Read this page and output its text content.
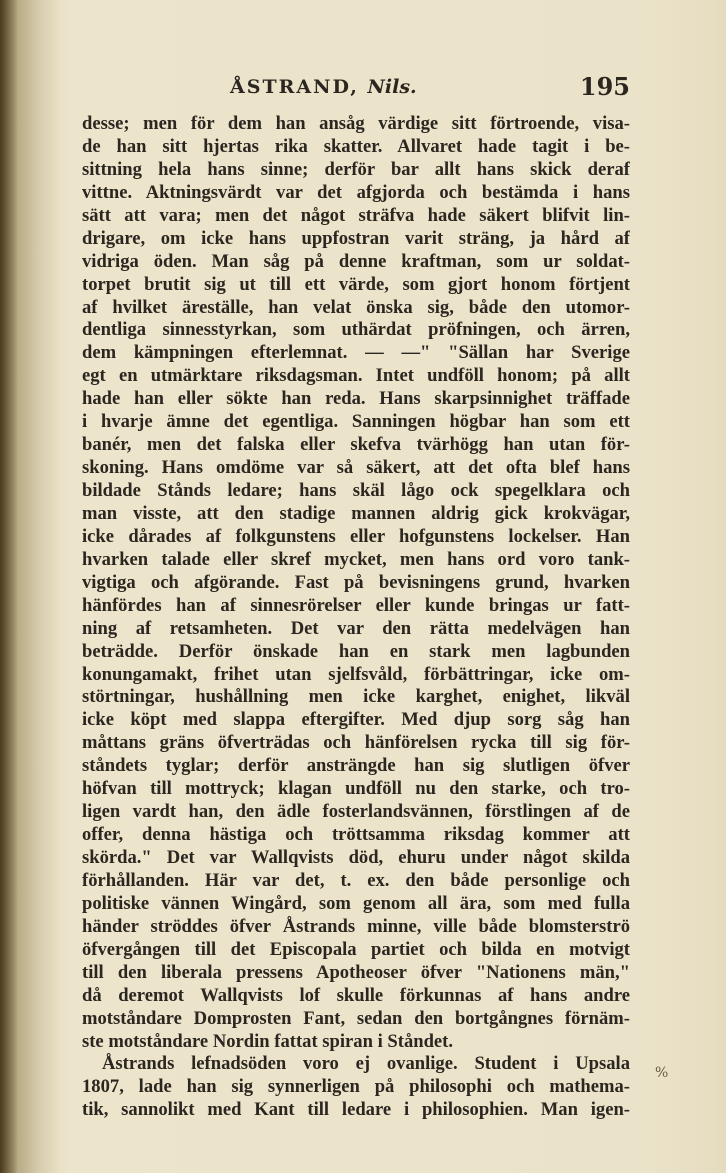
ÅSTRAND, Nils.	195
desse; men för dem han ansåg värdige sitt förtroende, visa-
de han sitt hjertas rika skatter. Allvaret hade tagit i be-
sittning hela hans sinne; derför bar allt hans skick deraf
vittne. Aktningsvärdt var det afgjorda och bestämda i hans
sätt att vara; men det något sträfva hade säkert blifvit lin-
drigare, om icke hans uppfostran varit sträng, ja hård af
vidriga öden. Man såg på denne kraftman, som ur soldat-
torpet brutit sig ut till ett värde, som gjort honom förtjent
af hvilket äreställe, han velat önska sig, både den utomor-
dentliga sinnesstyrkan, som uthärdat pröfningen, och ärren,
dem kämpningen efterlemnat. — —" "Sällan har Sverige
egt en utmärktare riksdagsman. Intet undföll honom; på allt
hade han eller sökte han reda. Hans skarpsinnighet träffade
i hvarje ämne det egentliga. Sanningen högbar han som ett
banér, men det falska eller skefva tvärhögg han utan för-
skoning. Hans omdöme var så säkert, att det ofta blef hans
bildade Stånds ledare; hans skäl lågo ock spegelklara och
man visste, att den stadige mannen aldrig gick krokvägar,
icke dårades af folkgunstens eller hofgunstens lockelser. Han
hvarken talade eller skref mycket, men hans ord voro tank-
vigtiga och afgörande. Fast på bevisningens grund, hvarken
hänfördes han af sinnesrörelser eller kunde bringas ur fatt-
ning af retsamheten. Det var den rätta medelvägen han
beträdde. Derför önskade han en stark men lagbunden
konungamakt, frihet utan sjelfsvåld, förbättringar, icke om-
störtningar, hushållning men icke karghet, enighet, likväl
icke köpt med slappa eftergifter. Med djup sorg såg han
måttans gräns öfverträdas och hänförelsen rycka till sig för-
ståndets tyglar; derför ansträngde han sig slutligen öfver
höfvan till mottryck; klagan undföll nu den starke, och tro-
ligen vardt han, den ädle fosterlandsvännen, förstlingen af de
offer, denna hästiga och tröttsamma riksdag kommer att
skörda." Det var Wallqvists död, ehuru under något skilda
förhållanden. Här var det, t. ex. den både personlige och
politiske vännen Wingård, som genom all ära, som med fulla
händer ströddes öfver Åstrands minne, ville både blomsterströ
öfvergången till det Episcopala partiet och bilda en motvigt
till den liberala pressens Apotheoser öfver "Nationens män,"
då deremot Wallqvists lof skulle förkunnas af hans andre
motståndare Domprosten Fant, sedan den bortgångnes förnäm-
ste motståndare Nordin fattat spiran i Ståndet.
Åstrands lefnadsöden voro ej ovanlige. Student i Upsala
1807, lade han sig synnerligen på philosophi och mathema-
tik, sannolikt med Kant till ledare i philosophien. Man igen-
%
